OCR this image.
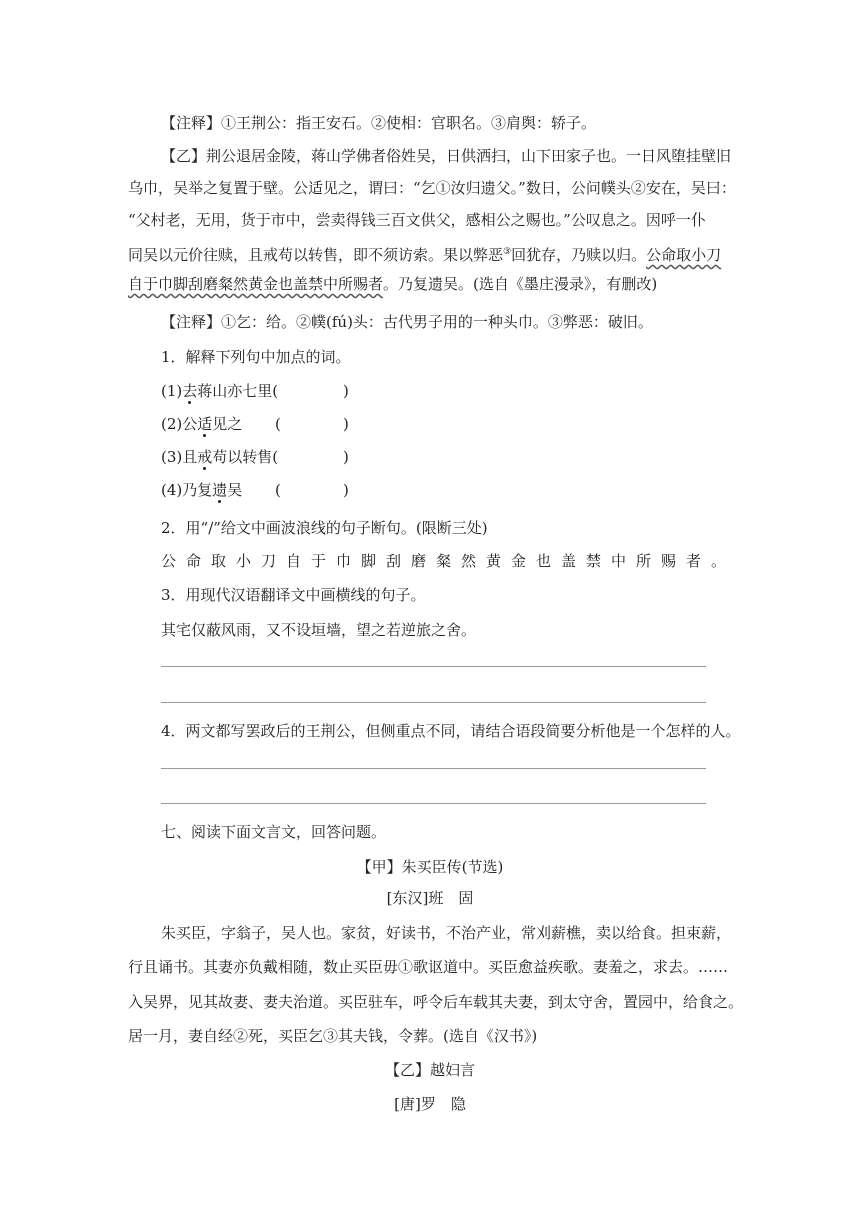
【注释】①王荆公：指王安石。②使相：官职名。③肩舆：轿子。
【乙】荆公退居金陵，蒋山学佛者俗姓吴，日供洒扫，山下田家子也。一日风堕挂壁旧
乌巾，吴举之复置于壁。公适见之，谓曰：“乞①汝归遗父。”数日，公问幞头②安在，吴曰：
“父村老，无用，货于市中，尝卖得钱三百文供父，感相公之赐也。”公叹息之。因呼一仆
同吴以元价往赎，且戒苟以转售，即不须访索。果以弊恶③回犹存，乃赎以归。公命取小刀
自于巾脚刮磨粲然黄金也盖禁中所赐者。乃复遗吴。(选自《墨庄漫录》，有删改)
【注释】①乞：给。②幞(fú)头：古代男子用的一种头巾。③弊恶：破旧。
1．解释下列句中加点的词。
(1)去蒋山亦七里(	)
(2)公适见之 (	)
(3)且戒苟以转售(	)
(4)乃复遗吴 (	)
2．用“/”给文中画波浪线的句子断句。(限断三处)
公命取小刀自于巾脚刮磨粲然黄金也盖禁中所赐者。
3．用现代汉语翻译文中画横线的句子。
其宅仅蔽风雨，又不设垣墙，望之若逆旅之舍。
4．两文都写罢政后的王荆公，但侧重点不同，请结合语段简要分析他是一个怎样的人。
七、阅读下面文言文，回答问题。
【甲】朱买臣传(节选)
[东汉]班　固
朱买臣，字翁子，吴人也。家贫，好读书，不治产业，常刈薪樵，卖以给食。担束薪，
行且诵书。其妻亦负戴相随，数止买臣毋①歌讴道中。买臣愈益疾歌。妻羞之，求去。……
入吴界，见其故妻、妻夫治道。买臣驻车，呼令后车载其夫妻，到太守舍，置园中，给食之。
居一月，妻自经②死，买臣乞③其夫钱，令葬。(选自《汉书》)
【乙】越妇言
[唐]罗　隐
